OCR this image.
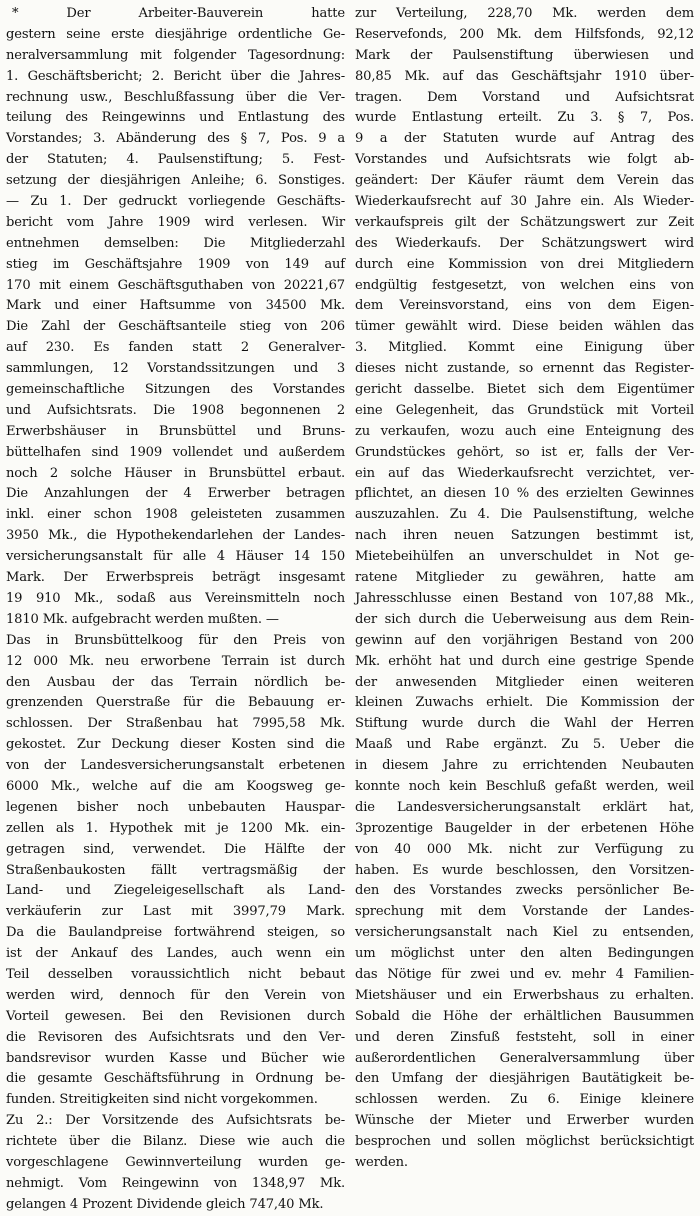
* Der Arbeiter-Bauverein hatte
gestern seine erste diesjährige ordentliche Ge-
neralversammlung mit folgender Tagesordnung:
1. Geschäftsbericht; 2. Bericht über die Jahres-
rechnung usw., Beschlußfassung über die Ver-
teilung des Reingewinns und Entlastung des
Vorstandes; 3. Abänderung des § 7, Pos. 9 a
der Statuten; 4. Paulsenstiftung; 5. Fest-
setzung der diesjährigen Anleihe; 6. Sonstiges.
— Zu 1. Der gedruckt vorliegende Geschäfts-
bericht vom Jahre 1909 wird verlesen. Wir
entnehmen demselben: Die Mitgliederzahl
stieg im Geschäftsjahre 1909 von 149 auf
170 mit einem Geschäftsguthaben von 20221,67
Mark und einer Haftsumme von 34500 Mk.
Die Zahl der Geschäftsanteile stieg von 206
auf 230. Es fanden statt 2 Generalver-
sammlungen, 12 Vorstandssitzungen und 3
gemeinschaftliche Sitzungen des Vorstandes
und Aufsichtsrats. Die 1908 begonnenen 2
Erwerbshäuser in Brunsbüttel und Bruns-
büttelhafen sind 1909 vollendet und außerdem
noch 2 solche Häuser in Brunsbüttel erbaut.
Die Anzahlungen der 4 Erwerber betragen
inkl. einer schon 1908 geleisteten zusammen
3950 Mk., die Hypothekendarlehen der Landes-
versicherungsanstalt für alle 4 Häuser 14 150
Mark. Der Erwerbspreis beträgt insgesamt
19 910 Mk., sodaß aus Vereinsmitteln noch
1810 Mk. aufgebracht werden mußten. —
Das in Brunsbüttelkoog für den Preis von
12 000 Mk. neu erworbene Terrain ist durch
den Ausbau der das Terrain nördlich be-
grenzenden Querstraße für die Bebauung er-
schlossen. Der Straßenbau hat 7995,58 Mk.
gekostet. Zur Deckung dieser Kosten sind die
von der Landesversicherungsanstalt erbetenen
6000 Mk., welche auf die am Koogsweg ge-
legenen bisher noch unbebauten Hauspar-
zellen als 1. Hypothek mit je 1200 Mk. ein-
getragen sind, verwendet. Die Hälfte der
Straßenbaukosten fällt vertragsmäßig der
Land- und Ziegeleigesellschaft als Land-
verkäuferin zur Last mit 3997,79 Mark.
Da die Baulandpreise fortwährend steigen, so
ist der Ankauf des Landes, auch wenn ein
Teil desselben voraussichtlich nicht bebaut
werden wird, dennoch für den Verein von
Vorteil gewesen. Bei den Revisionen durch
die Revisoren des Aufsichtsrats und den Ver-
bandsrevisor wurden Kasse und Bücher wie
die gesamte Geschäftsführung in Ordnung be-
funden. Streitigkeiten sind nicht vorgekommen.
Zu 2.: Der Vorsitzende des Aufsichtsrats be-
richtete über die Bilanz. Diese wie auch die
vorgeschlagene Gewinnverteilung wurden ge-
nehmigt. Vom Reingewinn von 1348,97 Mk.
gelangen 4 Prozent Dividende gleich 747,40 Mk.
zur Verteilung, 228,70 Mk. werden dem
Reservefonds, 200 Mk. dem Hilfsfonds, 92,12
Mark der Paulsenstiftung überwiesen und
80,85 Mk. auf das Geschäftsjahr 1910 über-
tragen. Dem Vorstand und Aufsichtsrat
wurde Entlastung erteilt. Zu 3. § 7, Pos.
9 a der Statuten wurde auf Antrag des
Vorstandes und Aufsichtsrats wie folgt ab-
geändert: Der Käufer räumt dem Verein das
Wiederkaufsrecht auf 30 Jahre ein. Als Wieder-
verkaufspreis gilt der Schätzungswert zur Zeit
des Wiederkaufs. Der Schätzungswert wird
durch eine Kommission von drei Mitgliedern
endgültig festgesetzt, von welchen eins von
dem Vereinsvorstand, eins von dem Eigen-
tümer gewählt wird. Diese beiden wählen das
3. Mitglied. Kommt eine Einigung über
dieses nicht zustande, so ernennt das Register-
gericht dasselbe. Bietet sich dem Eigentümer
eine Gelegenheit, das Grundstück mit Vorteil
zu verkaufen, wozu auch eine Enteignung des
Grundstückes gehört, so ist er, falls der Ver-
ein auf das Wiederkaufsrecht verzichtet, ver-
pflichtet, an diesen 10 % des erzielten Gewinnes
auszuzahlen. Zu 4. Die Paulsenstiftung, welche
nach ihren neuen Satzungen bestimmt ist,
Mietebeihülfen an unverschuldet in Not ge-
ratene Mitglieder zu gewähren, hatte am
Jahresschlusse einen Bestand von 107,88 Mk.,
der sich durch die Ueberweisung aus dem Rein-
gewinn auf den vorjährigen Bestand von 200
Mk. erhöht hat und durch eine gestrige Spende
der anwesenden Mitglieder einen weiteren
kleinen Zuwachs erhielt. Die Kommission der
Stiftung wurde durch die Wahl der Herren
Maaß und Rabe ergänzt. Zu 5. Ueber die
in diesem Jahre zu errichtenden Neubauten
konnte noch kein Beschluß gefaßt werden, weil
die Landesversicherungsanstalt erklärt hat,
3prozentige Baugelder in der erbetenen Höhe
von 40 000 Mk. nicht zur Verfügung zu
haben. Es wurde beschlossen, den Vorsitzen-
den des Vorstandes zwecks persönlicher Be-
sprechung mit dem Vorstande der Landes-
versicherungsanstalt nach Kiel zu entsenden,
um möglichst unter den alten Bedingungen
das Nötige für zwei und ev. mehr 4 Familien-
Mietshäuser und ein Erwerbshaus zu erhalten.
Sobald die Höhe der erhältlichen Bausummen
und deren Zinsfuß feststeht, soll in einer
außerordentlichen Generalversammlung über
den Umfang der diesjährigen Bautätigkeit be-
schlossen werden. Zu 6. Einige kleinere
Wünsche der Mieter und Erwerber wurden
besprochen und sollen möglichst berücksichtigt
werden.
